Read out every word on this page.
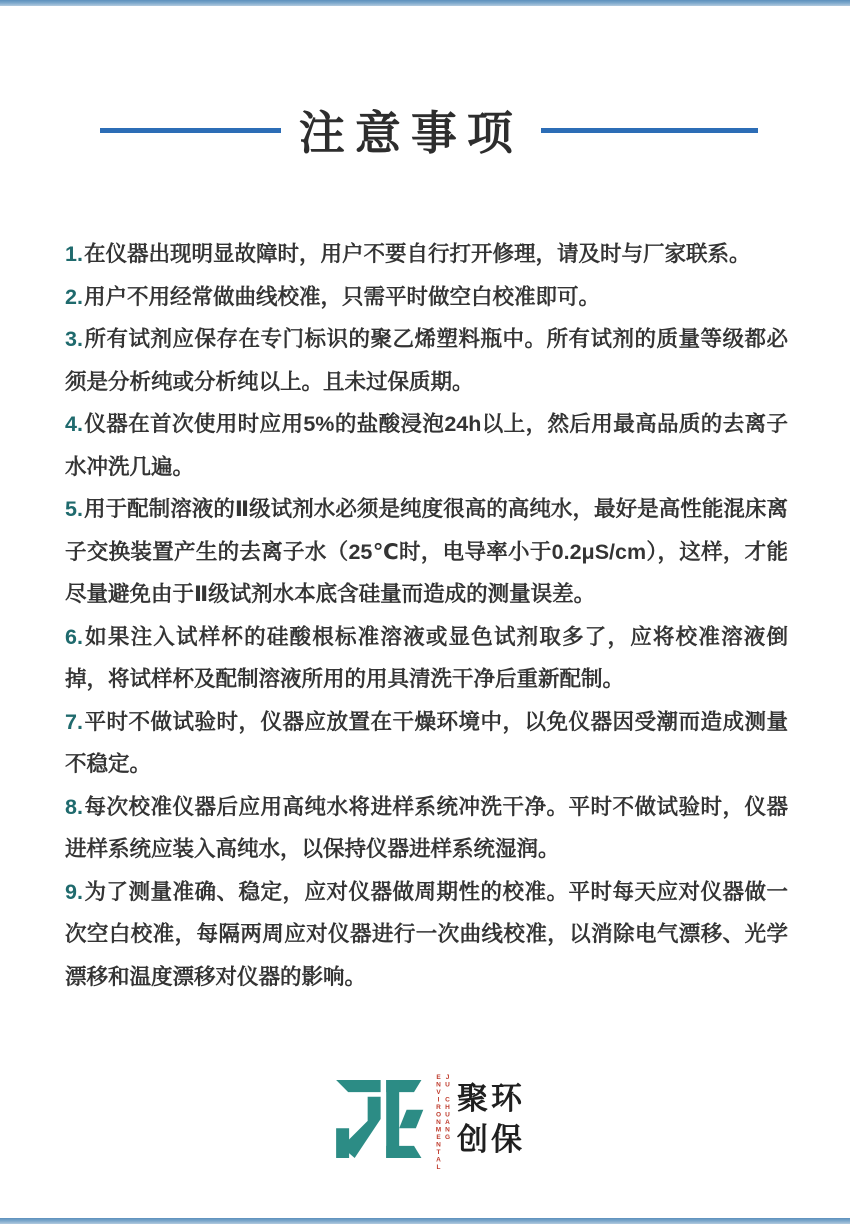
注意事项
1.在仪器出现明显故障时，用户不要自行打开修理，请及时与厂家联系。
2.用户不用经常做曲线校准，只需平时做空白校准即可。
3.所有试剂应保存在专门标识的聚乙烯塑料瓶中。所有试剂的质量等级都必须是分析纯或分析纯以上。且未过保质期。
4.仪器在首次使用时应用5%的盐酸浸泡24h以上，然后用最高品质的去离子水冲洗几遍。
5.用于配制溶液的Ⅱ级试剂水必须是纯度很高的高纯水，最好是高性能混床离子交换装置产生的去离子水（25℃时，电导率小于0.2μS/cm），这样，才能尽量避免由于Ⅱ级试剂水本底含硅量而造成的测量误差。
6.如果注入试样杯的硅酸根标准溶液或显色试剂取多了，应将校准溶液倒掉，将试样杯及配制溶液所用的用具清洗干净后重新配制。
7.平时不做试验时，仪器应放置在干燥环境中，以免仪器因受潮而造成测量不稳定。
8.每次校准仪器后应用高纯水将进样系统冲洗干净。平时不做试验时，仪器进样系统应装入高纯水，以保持仪器进样系统湿润。
9.为了测量准确、稳定，应对仪器做周期性的校准。平时每天应对仪器做一次空白校准，每隔两周应对仪器进行一次曲线校准，以消除电气漂移、光学漂移和温度漂移对仪器的影响。
JU CHUANG
ENVIRONMENTAL 聚环
创保
